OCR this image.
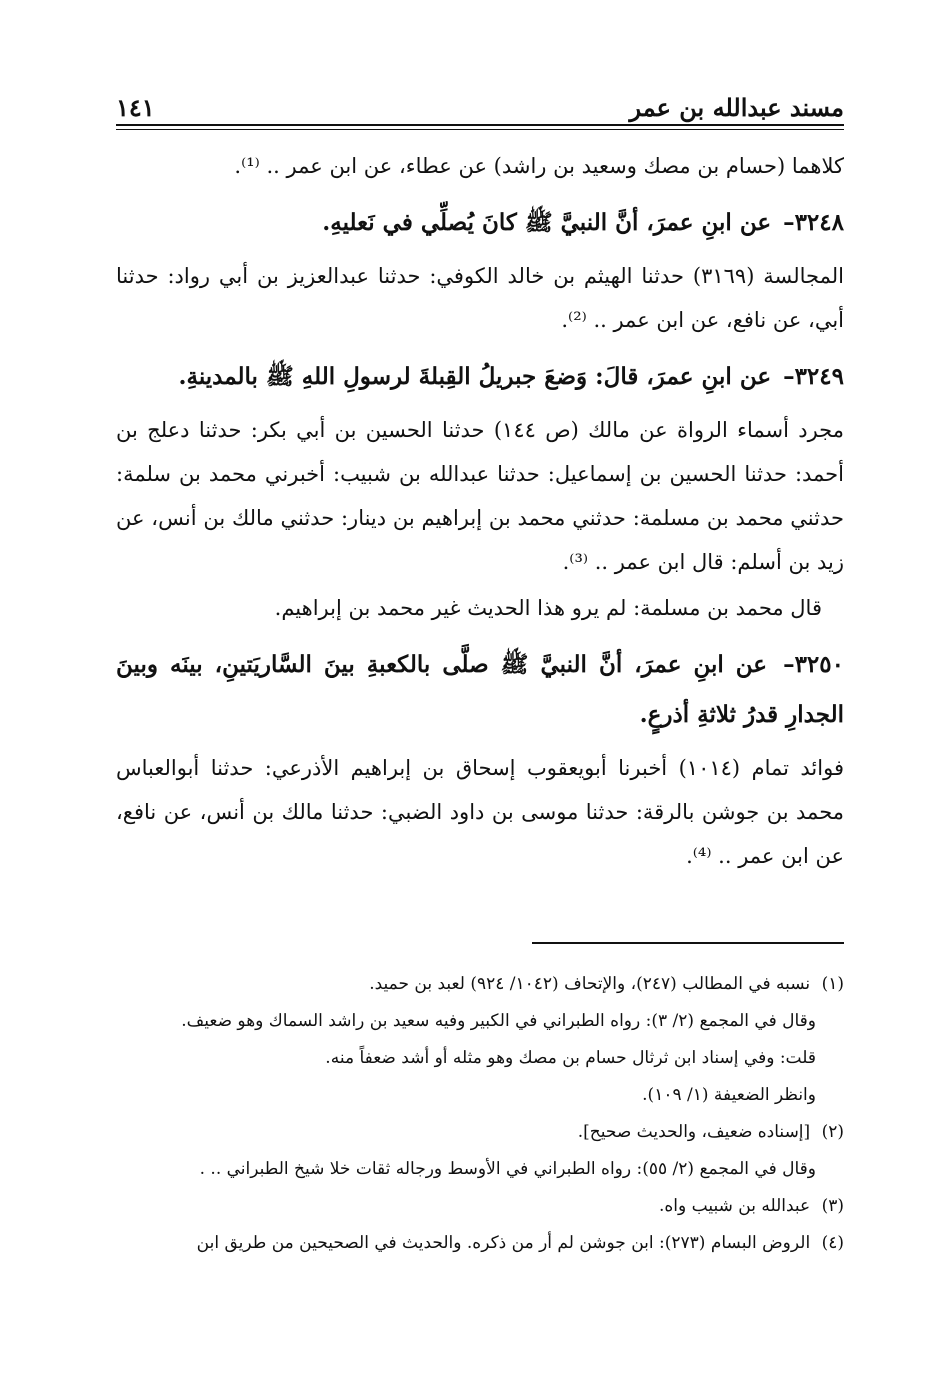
مسند عبدالله بن عمر
١٤١

كلاهما (حسام بن مصك وسعيد بن راشد) عن عطاء، عن ابن عمر .. ⁽¹⁾.

٣٢٤٨– عن ابنِ عمرَ، أنَّ النبيَّ ﷺ كانَ يُصلِّي في نَعليهِ.

المجالسة (٣١٦٩) حدثنا الهيثم بن خالد الكوفي: حدثنا عبدالعزيز بن أبي رواد: حدثنا أبي، عن نافع، عن ابن عمر .. ⁽²⁾.

٣٢٤٩– عن ابنِ عمرَ، قالَ: وَضعَ جبريلُ القِبلةَ لرسولِ اللهِ ﷺ بالمدينةِ.

مجرد أسماء الرواة عن مالك (ص ١٤٤) حدثنا الحسين بن أبي بكر: حدثنا دعلج بن أحمد: حدثنا الحسين بن إسماعيل: حدثنا عبدالله بن شبيب: أخبرني محمد بن سلمة: حدثني محمد بن مسلمة: حدثني محمد بن إبراهيم بن دينار: حدثني مالك بن أنس، عن زيد بن أسلم: قال ابن عمر .. ⁽³⁾.

قال محمد بن مسلمة: لم يرو هذا الحديث غير محمد بن إبراهيم.

٣٢٥٠– عن ابنِ عمرَ، أنَّ النبيَّ ﷺ صلَّى بالكعبةِ بينَ السَّاريَتينِ، بينَه وبينَ الجدارِ قدرُ ثلاثةِ أذرعٍ.

فوائد تمام (١٠١٤) أخبرنا أبويعقوب إسحاق بن إبراهيم الأذرعي: حدثنا أبوالعباس محمد بن جوشن بالرقة: حدثنا موسى بن داود الضبي: حدثنا مالك بن أنس، عن نافع، عن ابن عمر .. ⁽⁴⁾.

(١) نسبه في المطالب (٢٤٧)، والإتحاف (١٠٤٢/ ٩٢٤) لعبد بن حميد.
وقال في المجمع (٢/ ٣): رواه الطبراني في الكبير وفيه سعيد بن راشد السماك وهو ضعيف.
قلت: وفي إسناد ابن ثرثال حسام بن مصك وهو مثله أو أشد ضعفاً منه.
وانظر الضعيفة (١/ ١٠٩).
(٢) [إسناده ضعيف، والحديث صحيح].
وقال في المجمع (٢/ ٥٥): رواه الطبراني في الأوسط ورجاله ثقات خلا شيخ الطبراني .. .
(٣) عبدالله بن شبيب واه.
(٤) الروض البسام (٢٧٣): ابن جوشن لم أر من ذكره. والحديث في الصحيحين من طريق ابن
